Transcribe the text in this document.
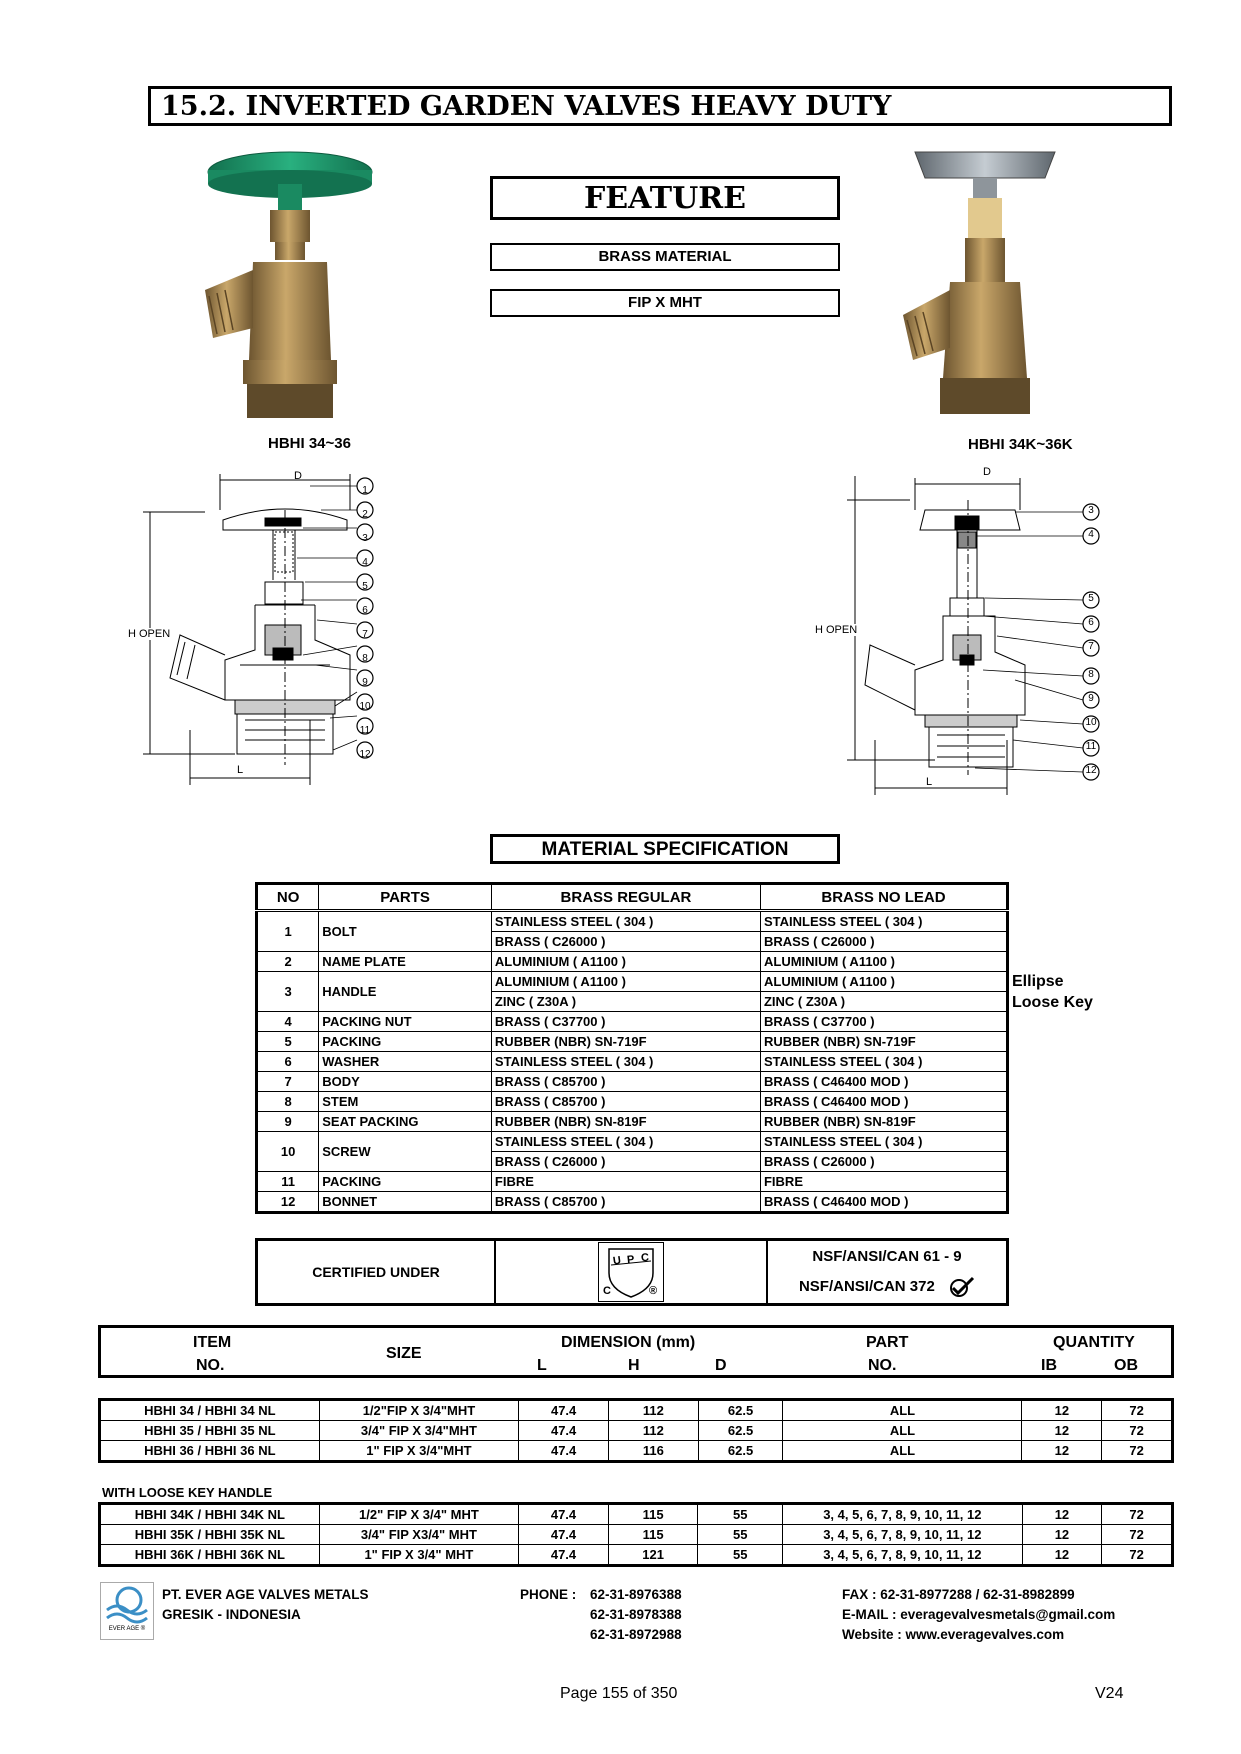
15.2. INVERTED GARDEN VALVES HEAVY DUTY
FEATURE
BRASS MATERIAL
FIP X MHT
HBHI 34~36	HBHI 34K~36K
D
H OPEN
L
1
2
3
4
5
6
7
8
9
10
11
12
D
H OPEN
L
3
4
5
6
7
8
9
10
11
12
MATERIAL SPECIFICATION
NO	PARTS	BRASS REGULAR	BRASS NO LEAD
1	BOLT	STAINLESS STEEL ( 304 )	STAINLESS STEEL ( 304 )
		BRASS ( C26000 )	BRASS ( C26000 )
2	NAME PLATE	ALUMINIUM ( A1100 )	ALUMINIUM ( A1100 )
3	HANDLE	ALUMINIUM ( A1100 )	ALUMINIUM ( A1100 )
		ZINC ( Z30A )	ZINC ( Z30A )
4	PACKING NUT	BRASS ( C37700 )	BRASS ( C37700 )
5	PACKING	RUBBER (NBR) SN-719F	RUBBER (NBR) SN-719F
6	WASHER	STAINLESS STEEL ( 304 )	STAINLESS STEEL ( 304 )
7	BODY	BRASS ( C85700 )	BRASS ( C46400 MOD )
8	STEM	BRASS ( C85700 )	BRASS ( C46400 MOD )
9	SEAT PACKING	RUBBER (NBR) SN-819F	RUBBER (NBR) SN-819F
10	SCREW	STAINLESS STEEL ( 304 )	STAINLESS STEEL ( 304 )
		BRASS ( C26000 )	BRASS ( C26000 )
11	PACKING	FIBRE	FIBRE
12	BONNET	BRASS ( C85700 )	BRASS ( C46400 MOD )
Ellipse
Loose Key
CERTIFIED UNDER	
U P C
C	®

NSF/ANSI/CAN 61 - 9
NSF/ANSI/CAN 372
ITEM
NO.
SIZE
DIMENSION (mm)
L	H	D
PART
NO.
QUANTITY
IB	OB
HBHI 34 / HBHI 34 NL	1/2"FIP X 3/4"MHT	47.4	112	62.5	ALL	12	72
HBHI 35 / HBHI 35 NL	3/4" FIP X 3/4"MHT	47.4	112	62.5	ALL	12	72
HBHI 36 / HBHI 36 NL	1" FIP X 3/4"MHT	47.4	116	62.5	ALL	12	72
WITH LOOSE KEY HANDLE
HBHI 34K / HBHI 34K NL	1/2" FIP X 3/4" MHT	47.4	115	55	3, 4, 5, 6, 7, 8, 9, 10, 11, 12	12	72
HBHI 35K / HBHI 35K NL	3/4" FIP X3/4" MHT	47.4	115	55	3, 4, 5, 6, 7, 8, 9, 10, 11, 12	12	72
HBHI 36K / HBHI 36K NL	1" FIP X 3/4" MHT	47.4	121	55	3, 4, 5, 6, 7, 8, 9, 10, 11, 12	12	72
EVER AGE ®
PT. EVER AGE VALVES METALS
GRESIK - INDONESIA
PHONE : 62-31-8976388
62-31-8978388
62-31-8972988
FAX : 62-31-8977288 / 62-31-8982899
E-MAIL : everagevalvesmetals@gmail.com
Website : www.everagevalves.com
Page 155 of 350	V24
